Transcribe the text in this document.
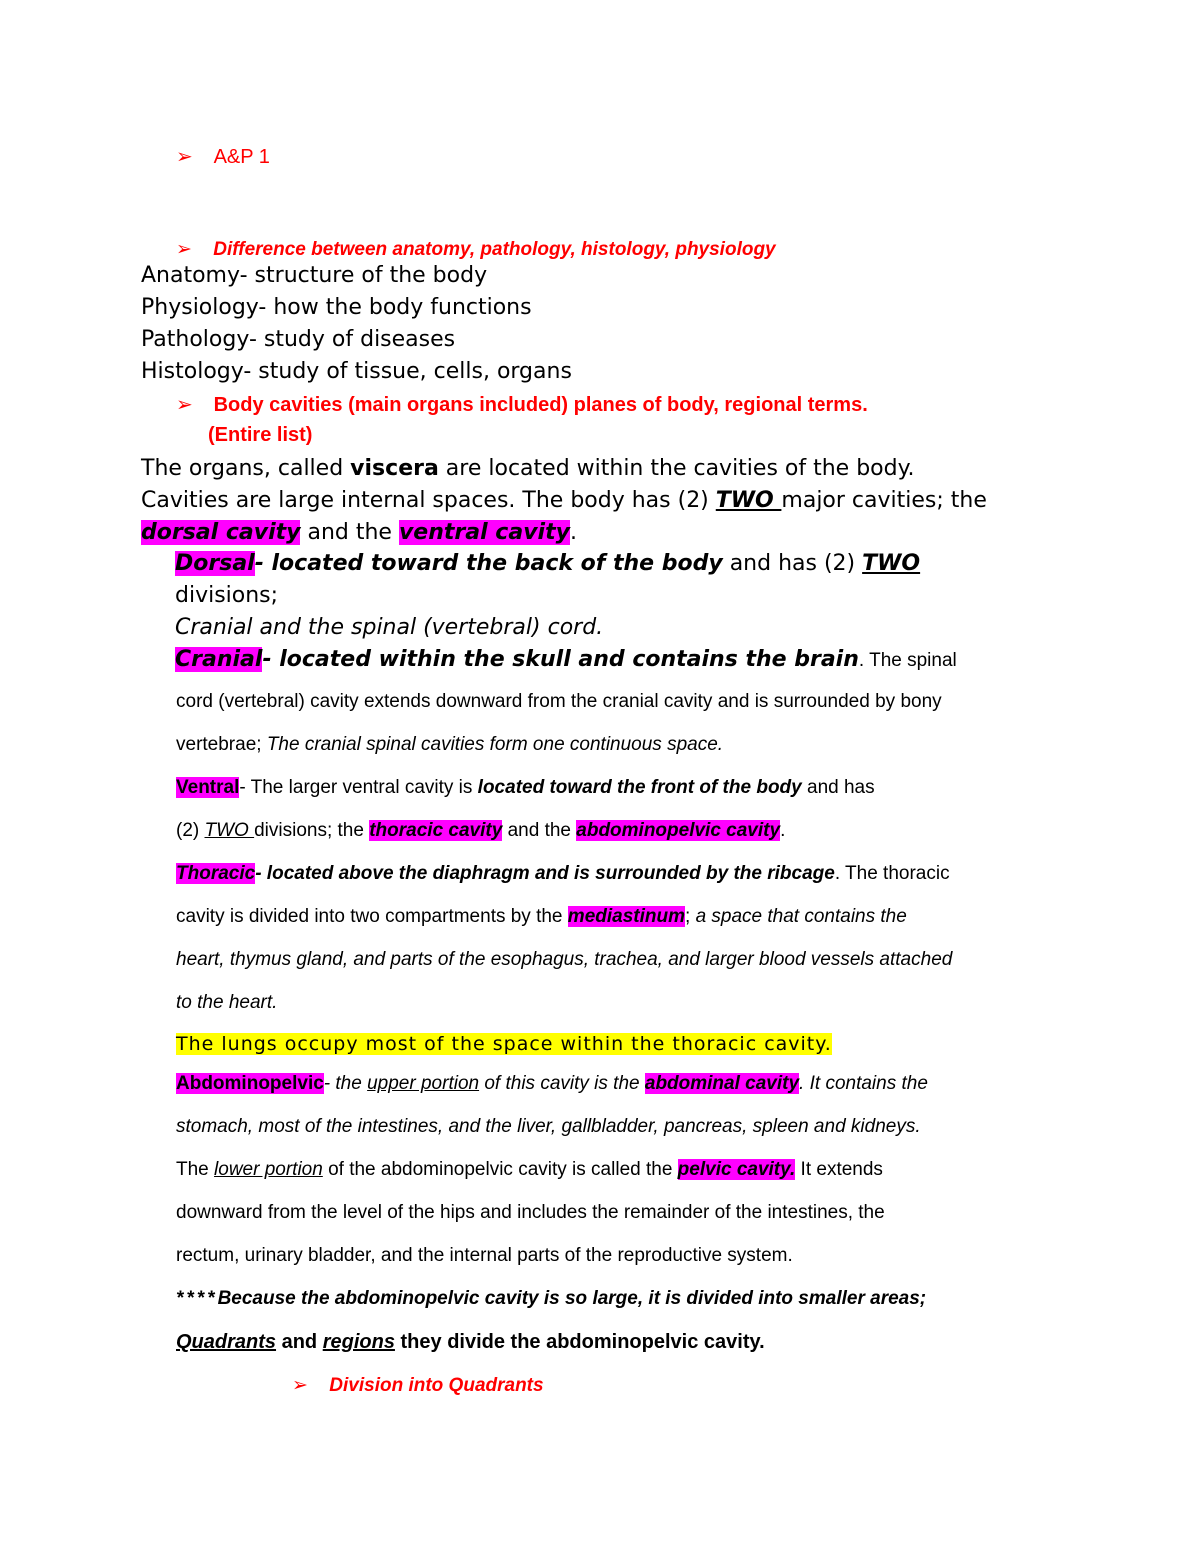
➢ A&P 1
➢ Difference between anatomy, pathology, histology, physiology
Anatomy- structure of the body
Physiology- how the body functions
Pathology- study of diseases
Histology- study of tissue, cells, organs
➢ Body cavities (main organs included) planes of body, regional terms.
(Entire list)
The organs, called viscera are located within the cavities of the body.
Cavities are large internal spaces. The body has (2) TWO major cavities; the
dorsal cavity and the ventral cavity.
Dorsal- located toward the back of the body and has (2) TWO
divisions;
Cranial and the spinal (vertebral) cord.
Cranial- located within the skull and contains the brain. The spinal
cord (vertebral) cavity extends downward from the cranial cavity and is surrounded by bony
vertebrae; The cranial spinal cavities form one continuous space.
Ventral- The larger ventral cavity is located toward the front of the body and has
(2) TWO divisions; the thoracic cavity and the abdominopelvic cavity.
Thoracic- located above the diaphragm and is surrounded by the ribcage. The thoracic
cavity is divided into two compartments by the mediastinum; a space that contains the
heart, thymus gland, and parts of the esophagus, trachea, and larger blood vessels attached
to the heart.
The lungs occupy most of the space within the thoracic cavity.
Abdominopelvic- the upper portion of this cavity is the abdominal cavity. It contains the
stomach, most of the intestines, and the liver, gallbladder, pancreas, spleen and kidneys.
The lower portion of the abdominopelvic cavity is called the pelvic cavity. It extends
downward from the level of the hips and includes the remainder of the intestines, the
rectum, urinary bladder, and the internal parts of the reproductive system.
****Because the abdominopelvic cavity is so large, it is divided into smaller areas;
Quadrants and regions they divide the abdominopelvic cavity.
➢ Division into Quadrants
